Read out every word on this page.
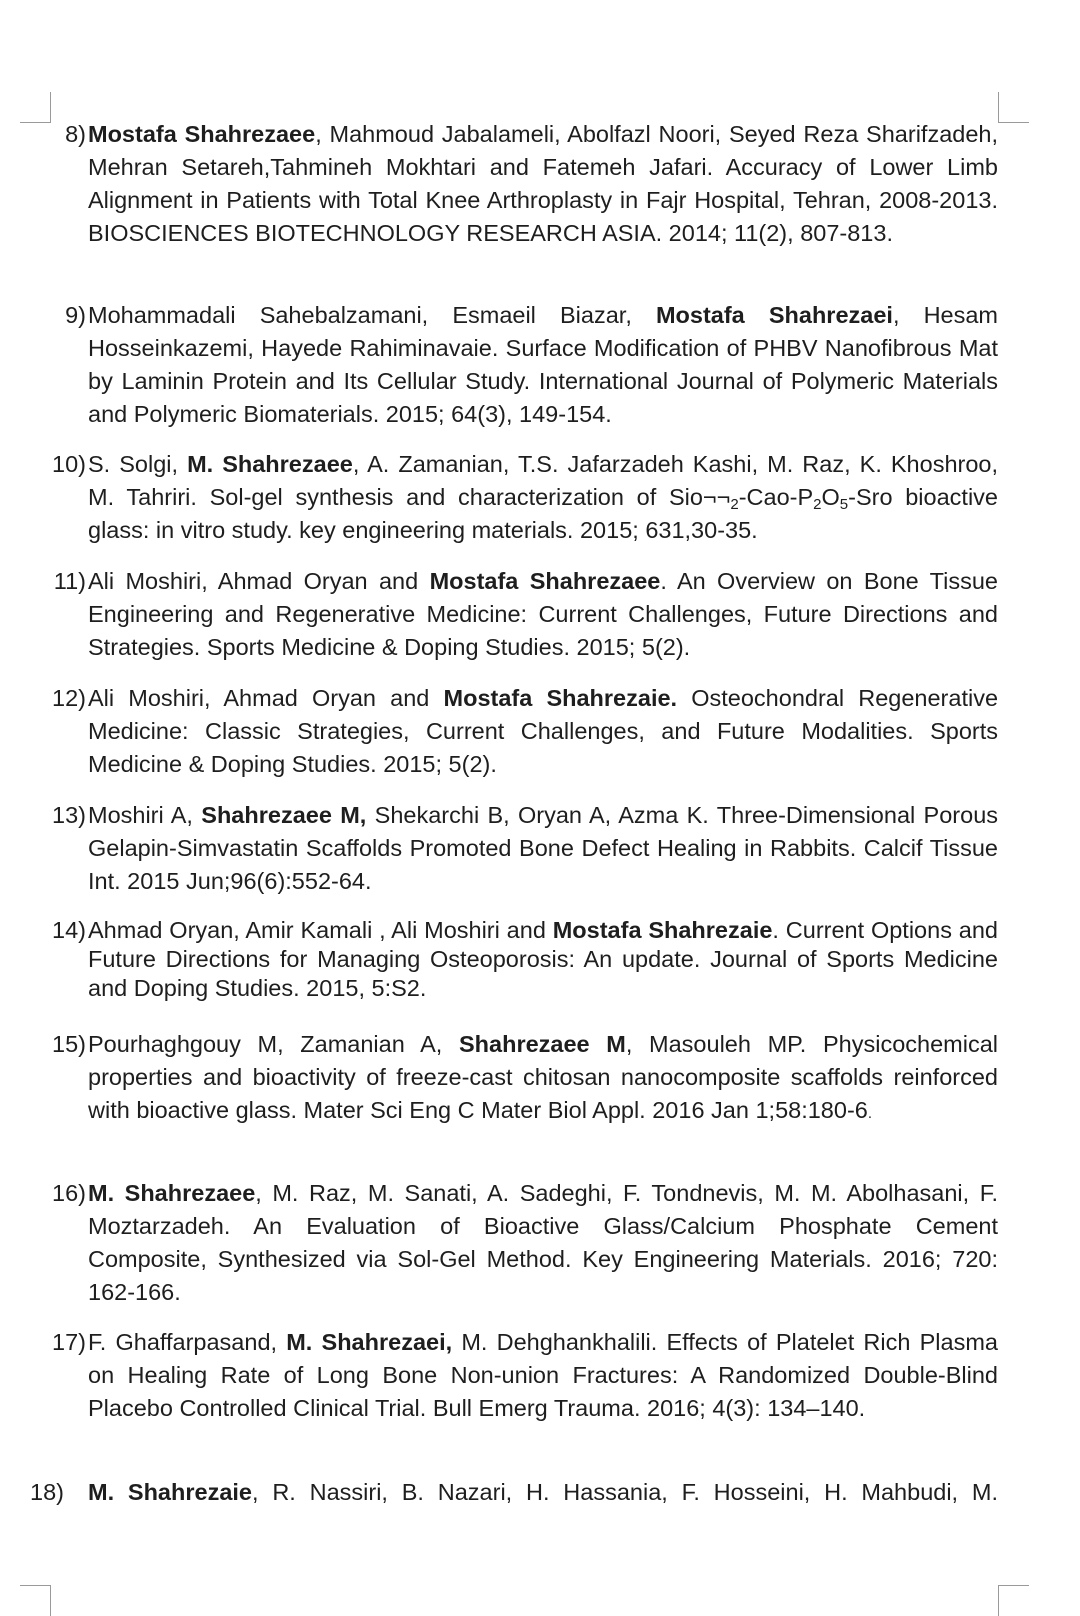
8) Mostafa Shahrezaee, Mahmoud Jabalameli, Abolfazl Noori, Seyed Reza Sharifzadeh, Mehran Setareh,Tahmineh Mokhtari and Fatemeh Jafari. Accuracy of Lower Limb Alignment in Patients with Total Knee Arthroplasty in Fajr Hospital, Tehran, 2008-2013. BIOSCIENCES BIOTECHNOLOGY RESEARCH ASIA. 2014; 11(2), 807-813.
9) Mohammadali Sahebalzamani, Esmaeil Biazar, Mostafa Shahrezaei, Hesam Hosseinkazemi, Hayede Rahiminavaie. Surface Modification of PHBV Nanofibrous Mat by Laminin Protein and Its Cellular Study. International Journal of Polymeric Materials and Polymeric Biomaterials. 2015; 64(3), 149-154.
10) S. Solgi, M. Shahrezaee, A. Zamanian, T.S. Jafarzadeh Kashi, M. Raz, K. Khoshroo, M. Tahriri. Sol-gel synthesis and characterization of $Sio\neg\neg_2-Cao-P_2O_5$-Sro bioactive glass: in vitro study. key engineering materials. 2015; 631,30-35.
11) Ali Moshiri, Ahmad Oryan and Mostafa Shahrezaee. An Overview on Bone Tissue Engineering and Regenerative Medicine: Current Challenges, Future Directions and Strategies. Sports Medicine & Doping Studies. 2015; 5(2).
12) Ali Moshiri, Ahmad Oryan and Mostafa Shahrezaie. Osteochondral Regenerative Medicine: Classic Strategies, Current Challenges, and Future Modalities. Sports Medicine & Doping Studies. 2015; 5(2).
13) Moshiri A, Shahrezaee M, Shekarchi B, Oryan A, Azma K. Three-Dimensional Porous Gelapin-Simvastatin Scaffolds Promoted Bone Defect Healing in Rabbits. Calcif Tissue Int. 2015 Jun;96(6):552-64.
14) Ahmad Oryan, Amir Kamali , Ali Moshiri and Mostafa Shahrezaie. Current Options and Future Directions for Managing Osteoporosis: An update. Journal of Sports Medicine and Doping Studies. 2015, 5:S2.
15) Pourhaghgouy M, Zamanian A, Shahrezaee M, Masouleh MP. Physicochemical properties and bioactivity of freeze-cast chitosan nanocomposite scaffolds reinforced with bioactive glass. Mater Sci Eng C Mater Biol Appl. 2016 Jan 1;58:180-6.
16) M. Shahrezaee, M. Raz, M. Sanati, A. Sadeghi, F. Tondnevis, M. M. Abolhasani, F. Moztarzadeh. An Evaluation of Bioactive Glass/Calcium Phosphate Cement Composite, Synthesized via Sol-Gel Method. Key Engineering Materials. 2016; 720: 162-166.
17) F. Ghaffarpasand, M. Shahrezaei, M. Dehghankhalili. Effects of Platelet Rich Plasma on Healing Rate of Long Bone Non-union Fractures: A Randomized Double-Blind Placebo Controlled Clinical Trial. Bull Emerg Trauma. 2016; 4(3): 134–140.
18)	M. Shahrezaie, R. Nassiri, B. Nazari, H. Hassania, F. Hosseini, H. Mahbudi, M.
